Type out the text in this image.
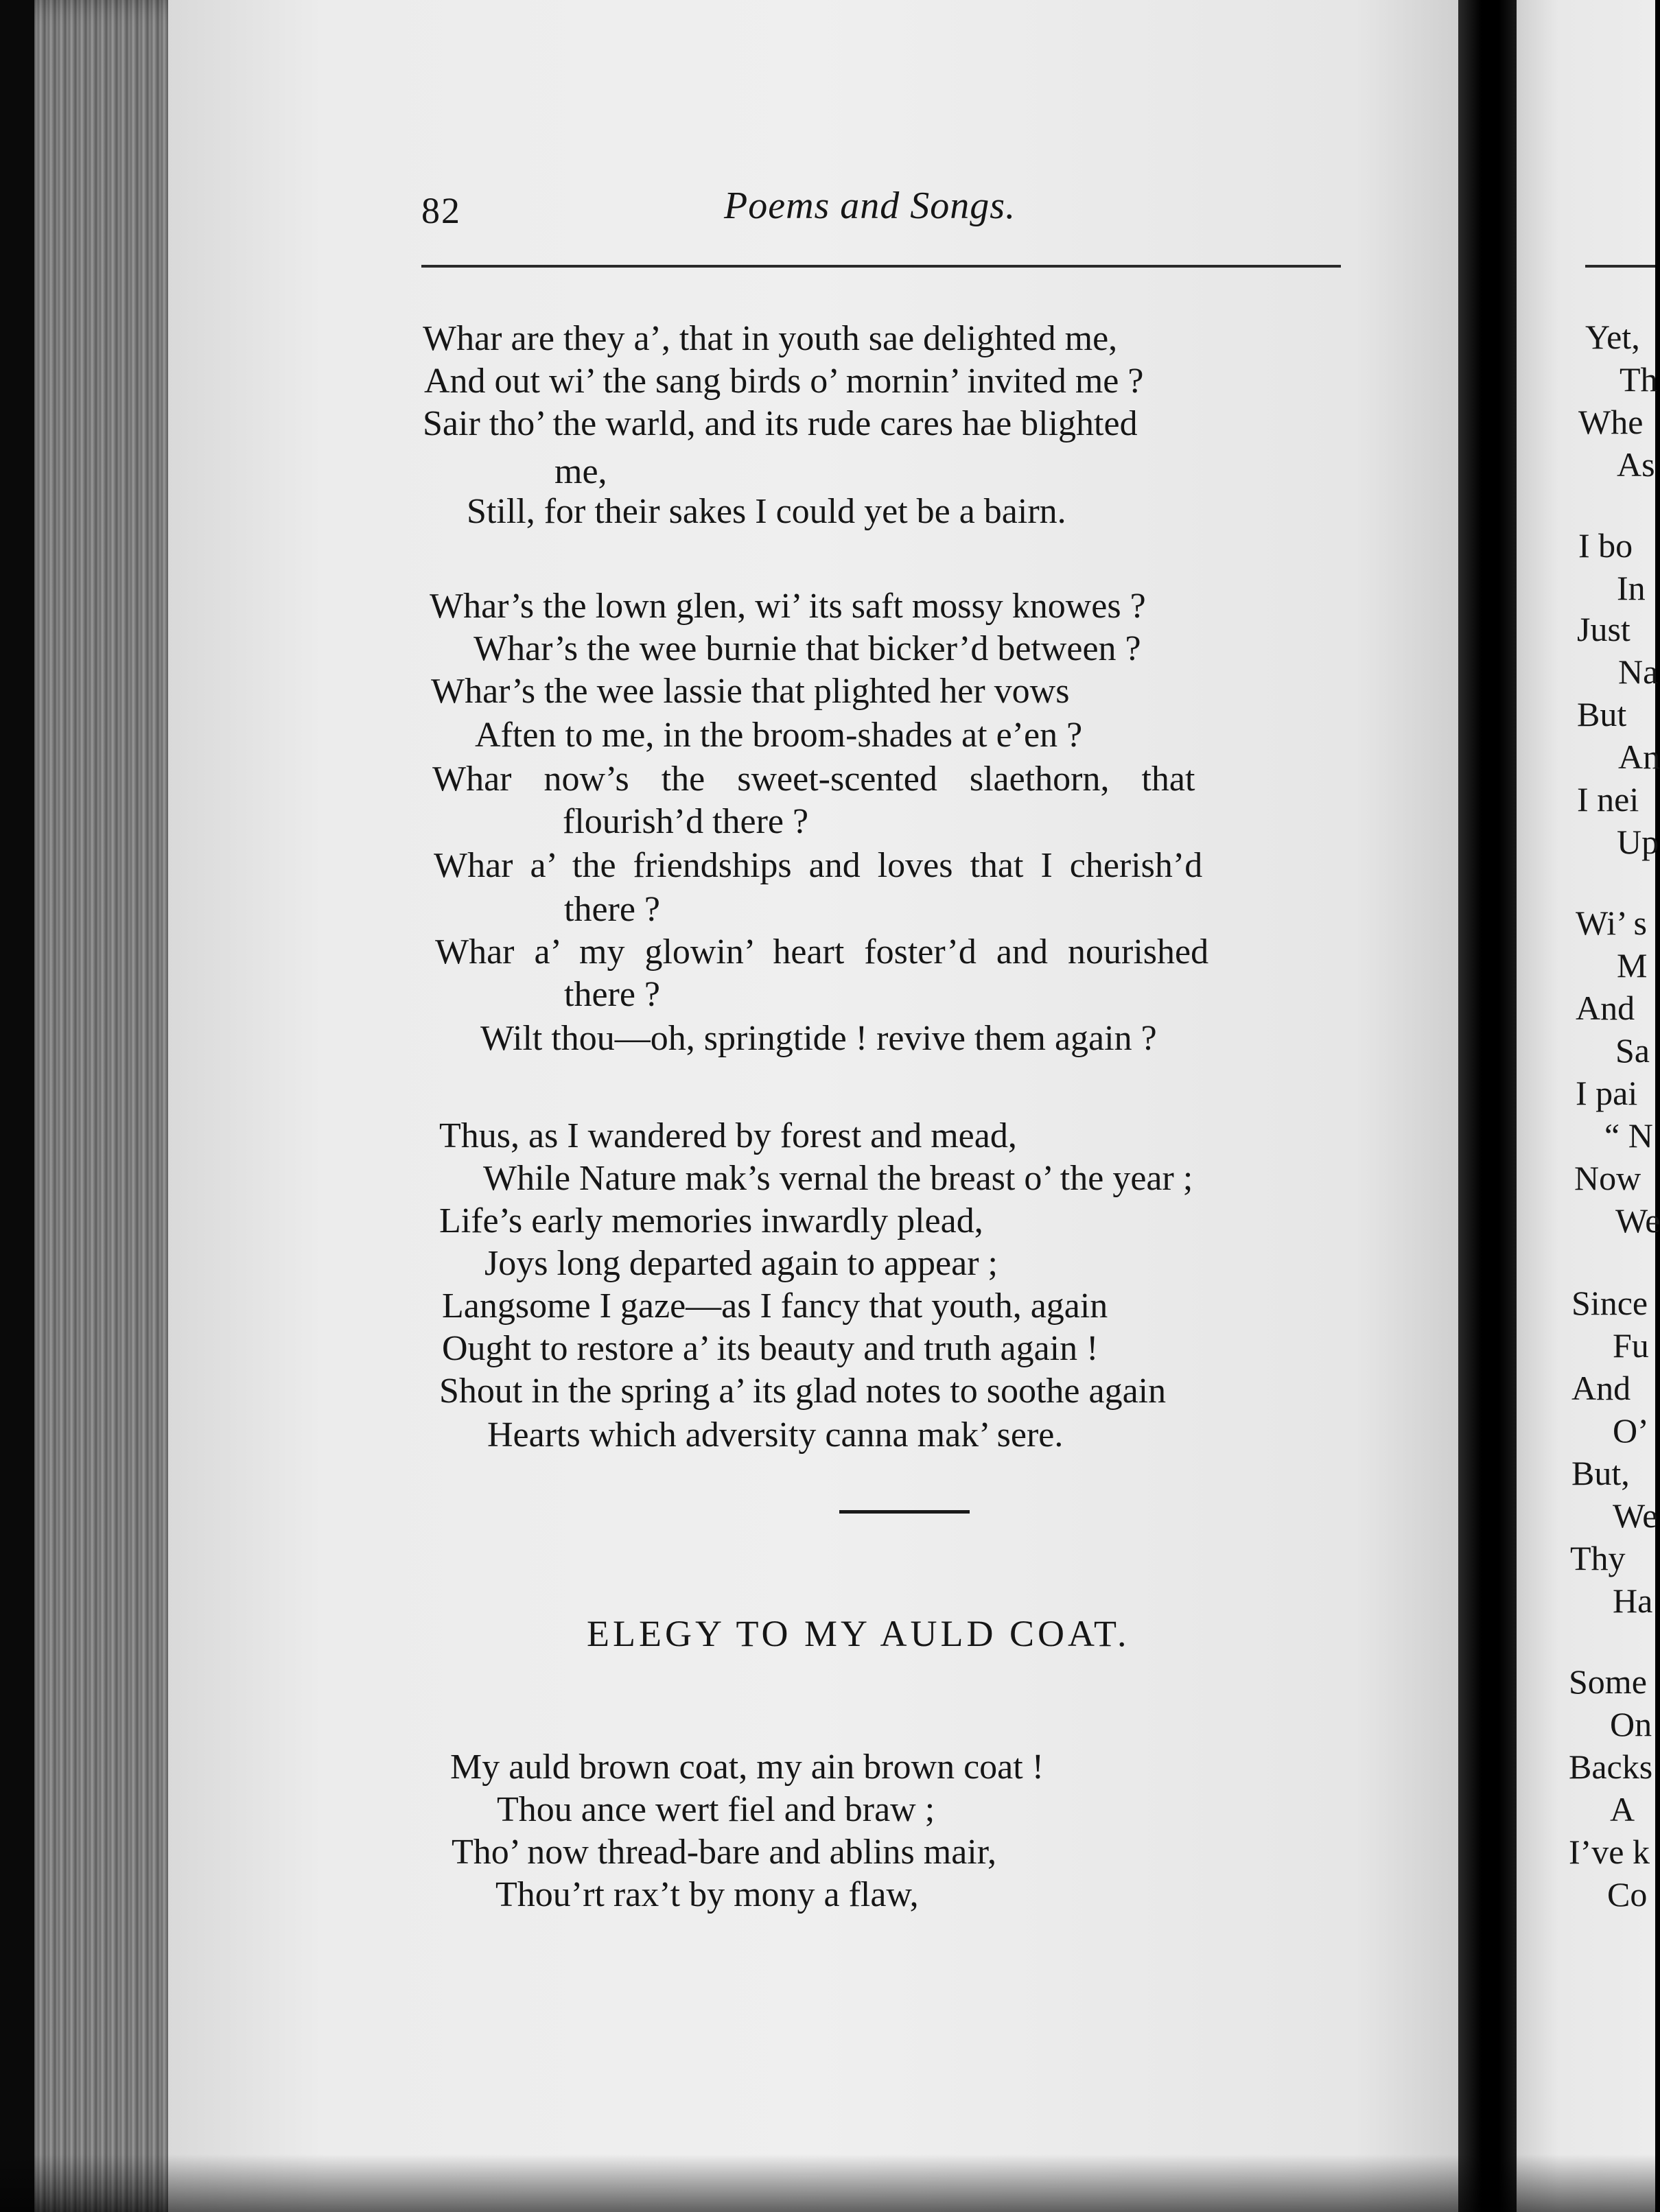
82	Poems and Songs.
Whar are they a’, that in youth sae delighted me,
And out wi’ the sang birds o’ mornin’ invited me ?
Sair tho’ the warld, and its rude cares hae blighted
me,
Still, for their sakes I could yet be a bairn.
Whar’s the lown glen, wi’ its saft mossy knowes ?
Whar’s the wee burnie that bicker’d between ?
Whar’s the wee lassie that plighted her vows
Aften to me, in the broom-shades at e’en ?
Whar now’s the sweet-scented slaethorn, that
flourish’d there ?
Whar a’ the friendships and loves that I cherish’d
there ?
Whar a’ my glowin’ heart foster’d and nourished
there ?
Wilt thou—oh, springtide ! revive them again ?
Thus, as I wandered by forest and mead,
While Nature mak’s vernal the breast o’ the year ;
Life’s early memories inwardly plead,
Joys long departed again to appear ;
Langsome I gaze—as I fancy that youth, again
Ought to restore a’ its beauty and truth again !
Shout in the spring a’ its glad notes to soothe again
Hearts which adversity canna mak’ sere.
ELEGY TO MY AULD COAT.
My auld brown coat, my ain brown coat !
Thou ance wert fiel and braw ;
Tho’ now thread-bare and ablins mair,
Thou’rt rax’t by mony a flaw,
Yet,
Th
Whe
As
I bo
In
Just
Na
But
An
I nei
Up
Wi’ s
M
And
Sa
I pai
“ N
Now
We
Since
Fu
And
O’
But,
We
Thy
Ha
Some
On
Backs
A
I’ve k
Co
